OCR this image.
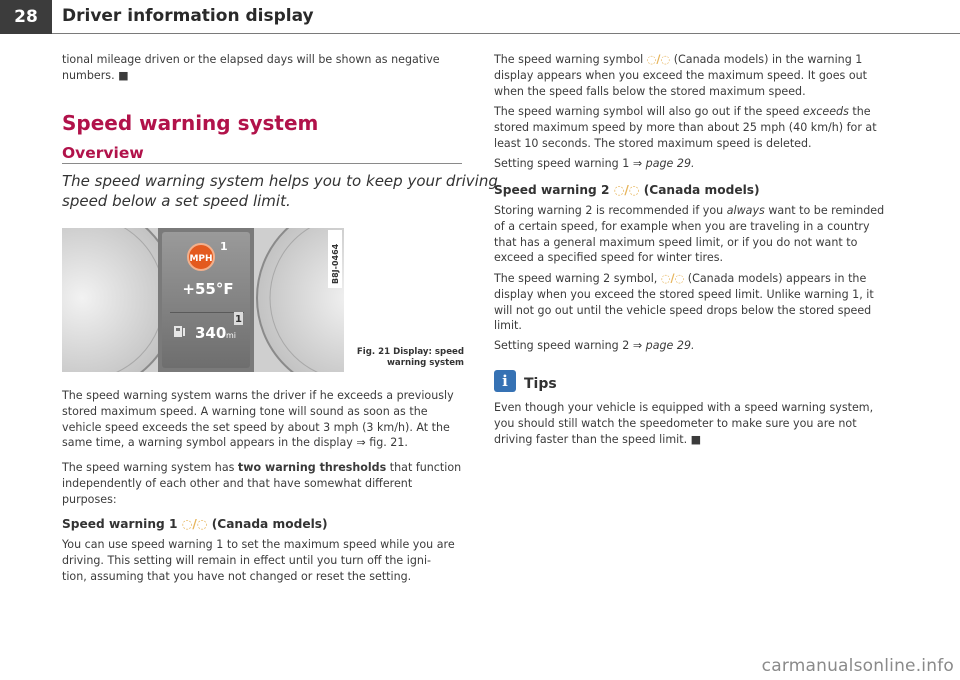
28	Driver information display
tional mileage driven or the elapsed days will be shown as negative numbers. ■
Speed warning system
Overview
The speed warning system helps you to keep your driving
speed below a set speed limit.
MPH
1
+55°F
1
340 mi
B8J-0464
Fig. 21 Display: speed
warning system
The speed warning system warns the driver if he exceeds a previously
stored maximum speed. A warning tone will sound as soon as the
vehicle speed exceeds the set speed by about 3 mph (3 km/h). At the
same time, a warning symbol appears in the display ⇒ fig. 21.
The speed warning system has two warning thresholds that function
independently of each other and that have somewhat different
purposes:
Speed warning 1 ◌/◌ (Canada models)
You can use speed warning 1 to set the maximum speed while you are
driving. This setting will remain in effect until you turn off the igni-
tion, assuming that you have not changed or reset the setting.
The speed warning symbol ◌/◌ (Canada models) in the warning 1
display appears when you exceed the maximum speed. It goes out
when the speed falls below the stored maximum speed.
The speed warning symbol will also go out if the speed exceeds the
stored maximum speed by more than about 25 mph (40 km/h) for at
least 10 seconds. The stored maximum speed is deleted.
Setting speed warning 1 ⇒ page 29.
Speed warning 2 ◌/◌ (Canada models)
Storing warning 2 is recommended if you always want to be reminded
of a certain speed, for example when you are traveling in a country
that has a general maximum speed limit, or if you do not want to
exceed a specified speed for winter tires.
The speed warning 2 symbol, ◌/◌ (Canada models) appears in the
display when you exceed the stored speed limit. Unlike warning 1, it
will not go out until the vehicle speed drops below the stored speed
limit.
Setting speed warning 2 ⇒ page 29.
i	Tips
Even though your vehicle is equipped with a speed warning system,
you should still watch the speedometer to make sure you are not
driving faster than the speed limit. ■
carmanualsonline.info
